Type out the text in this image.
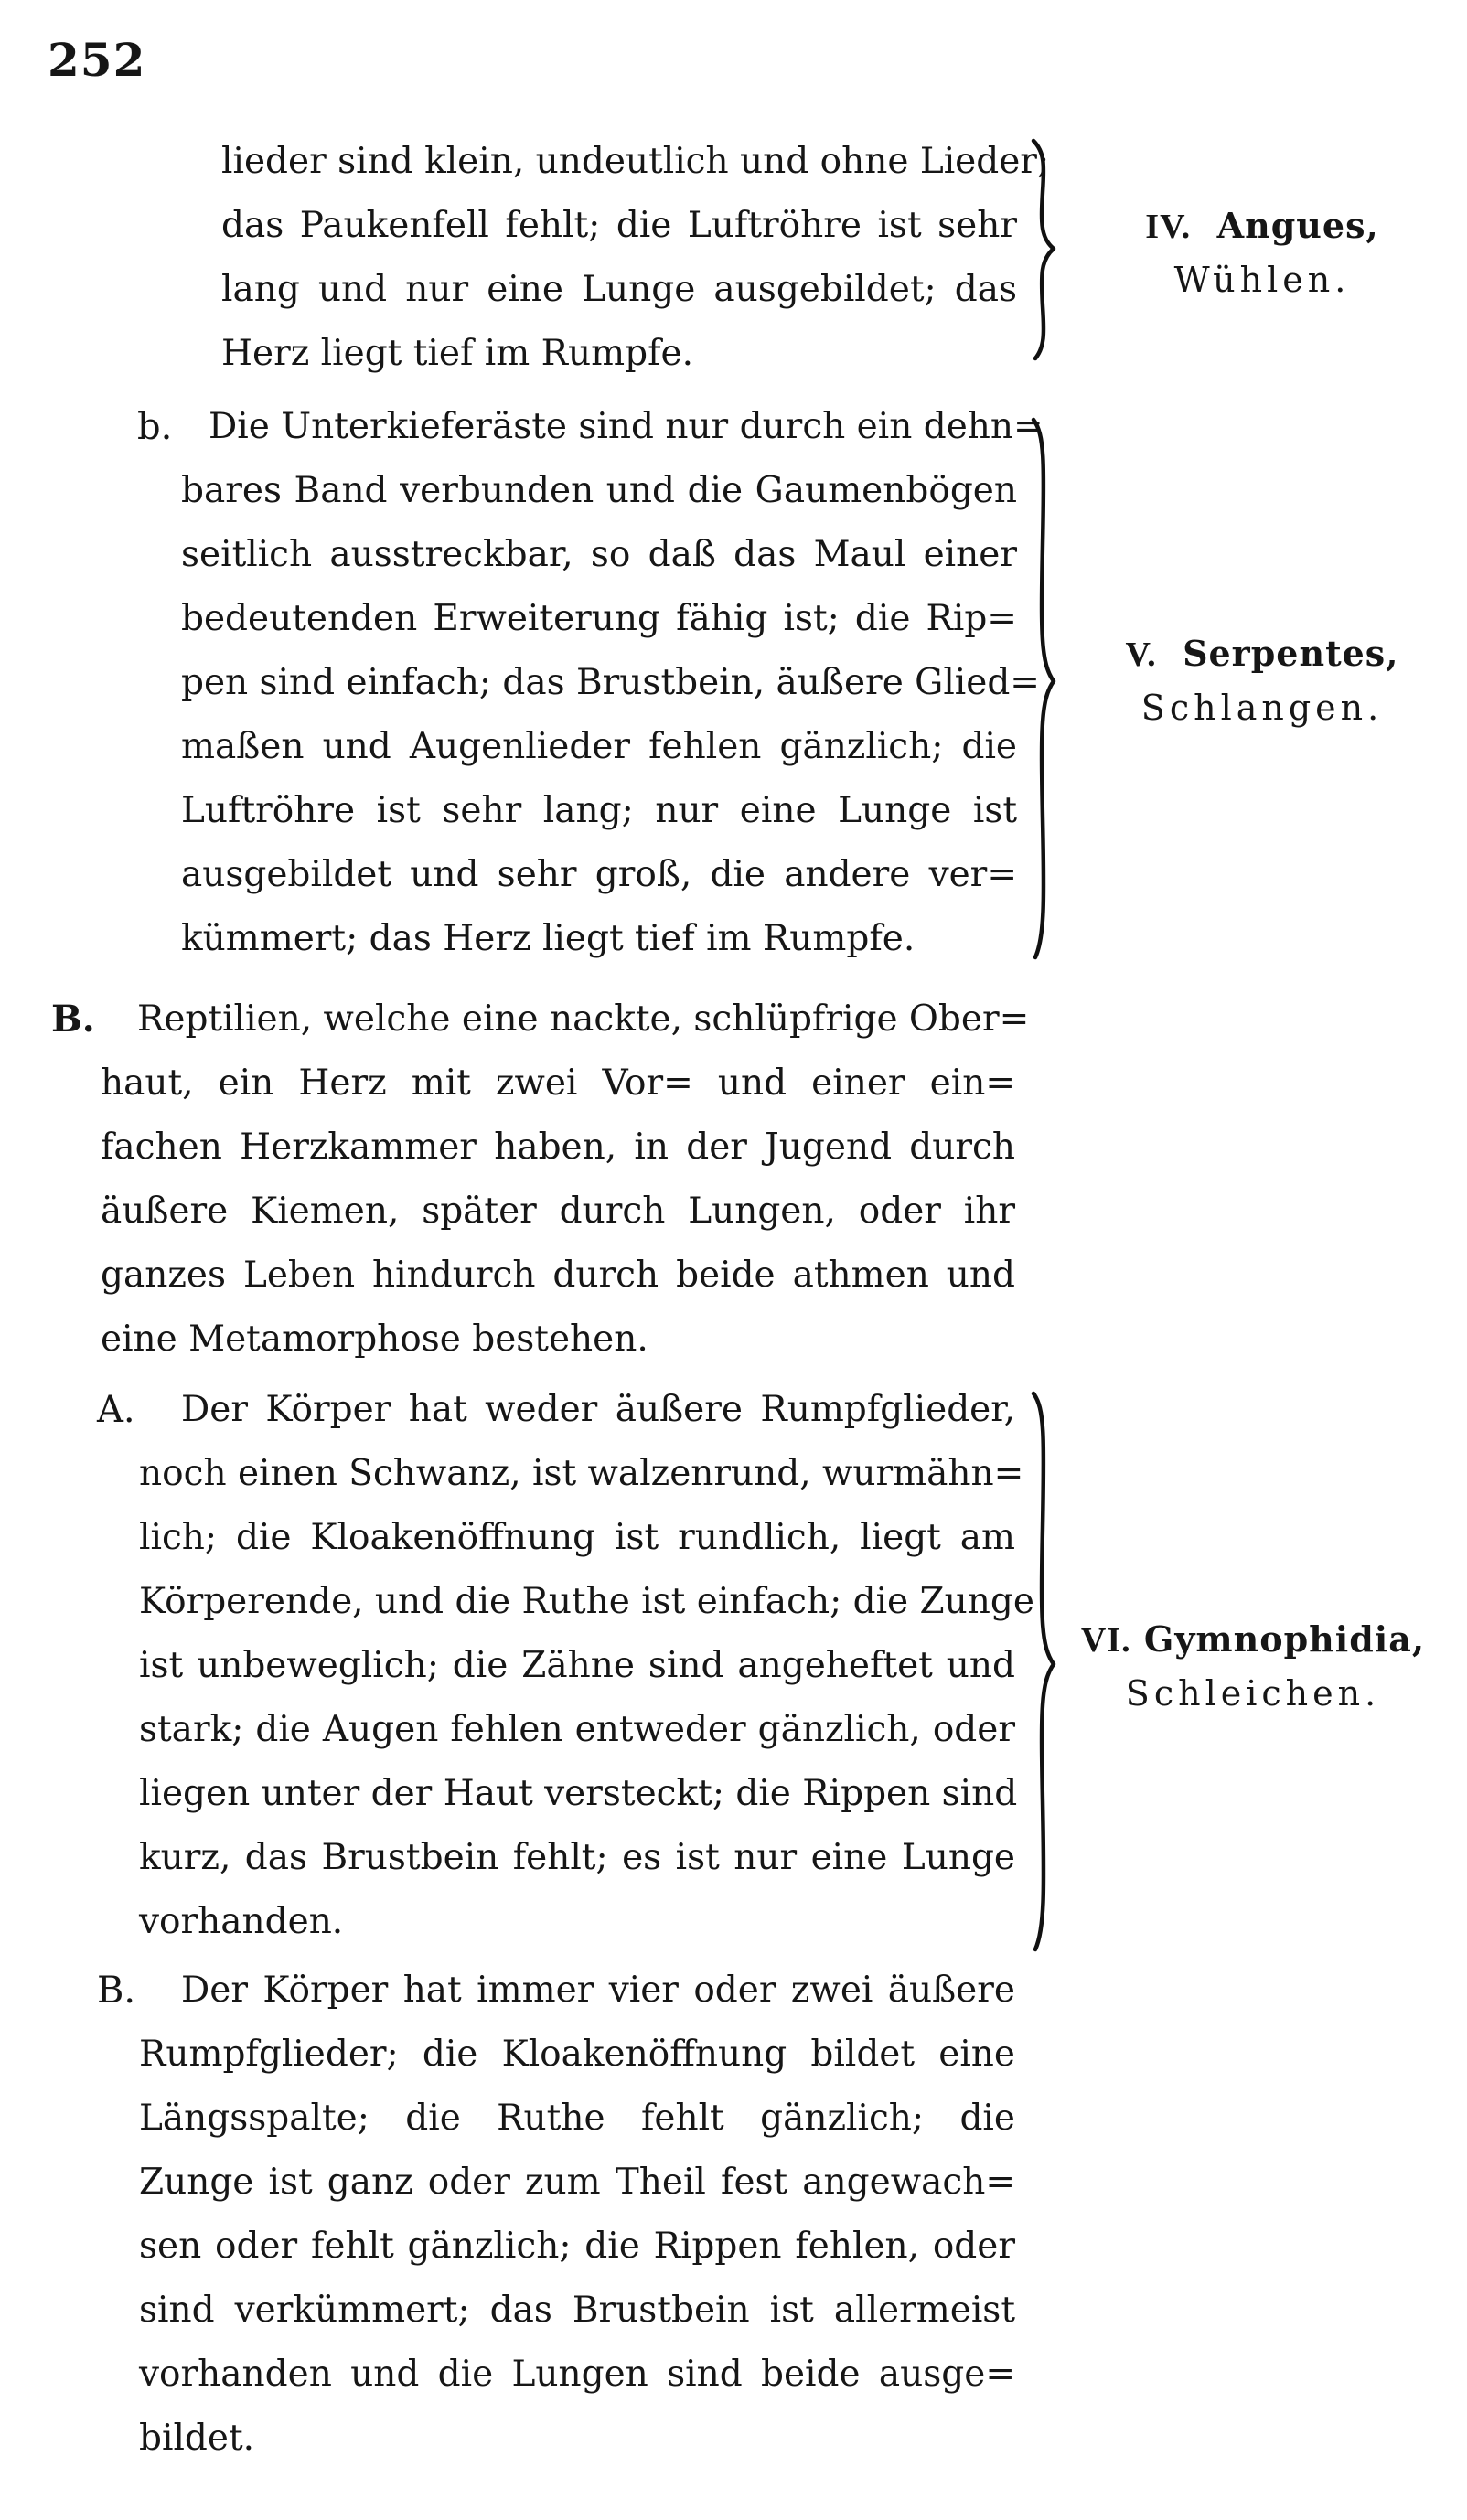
252
lieder sind klein, undeutlich und ohne Lieder;
das Paukenfell fehlt; die Luftröhre ist sehr
lang und nur eine Lunge ausgebildet; das
Herz liegt tief im Rumpfe.
b. Die Unterkieferäste sind nur durch ein dehn=
bares Band verbunden und die Gaumenbögen
seitlich ausstreckbar, so daß das Maul einer
bedeutenden Erweiterung fähig ist; die Rip=
pen sind einfach; das Brustbein, äußere Glied=
maßen und Augenlieder fehlen gänzlich; die
Luftröhre ist sehr lang; nur eine Lunge ist
ausgebildet und sehr groß, die andere ver=
kümmert; das Herz liegt tief im Rumpfe.
B. Reptilien, welche eine nackte, schlüpfrige Ober=
haut, ein Herz mit zwei Vor= und einer ein=
fachen Herzkammer haben, in der Jugend durch
äußere Kiemen, später durch Lungen, oder ihr
ganzes Leben hindurch durch beide athmen und
eine Metamorphose bestehen.
A. Der Körper hat weder äußere Rumpfglieder,
noch einen Schwanz, ist walzenrund, wurmähn=
lich; die Kloakenöffnung ist rundlich, liegt am
Körperende, und die Ruthe ist einfach; die Zunge
ist unbeweglich; die Zähne sind angeheftet und
stark; die Augen fehlen entweder gänzlich, oder
liegen unter der Haut versteckt; die Rippen sind
kurz, das Brustbein fehlt; es ist nur eine Lunge
vorhanden.
B. Der Körper hat immer vier oder zwei äußere
Rumpfglieder; die Kloakenöffnung bildet eine
Längsspalte; die Ruthe fehlt gänzlich; die
Zunge ist ganz oder zum Theil fest angewach=
sen oder fehlt gänzlich; die Rippen fehlen, oder
sind verkümmert; das Brustbein ist allermeist
vorhanden und die Lungen sind beide ausge=
bildet.
IV. Angues,
Wühlen.
V. Serpentes,
Schlangen.
VI. Gymnophidia,
Schleichen.
